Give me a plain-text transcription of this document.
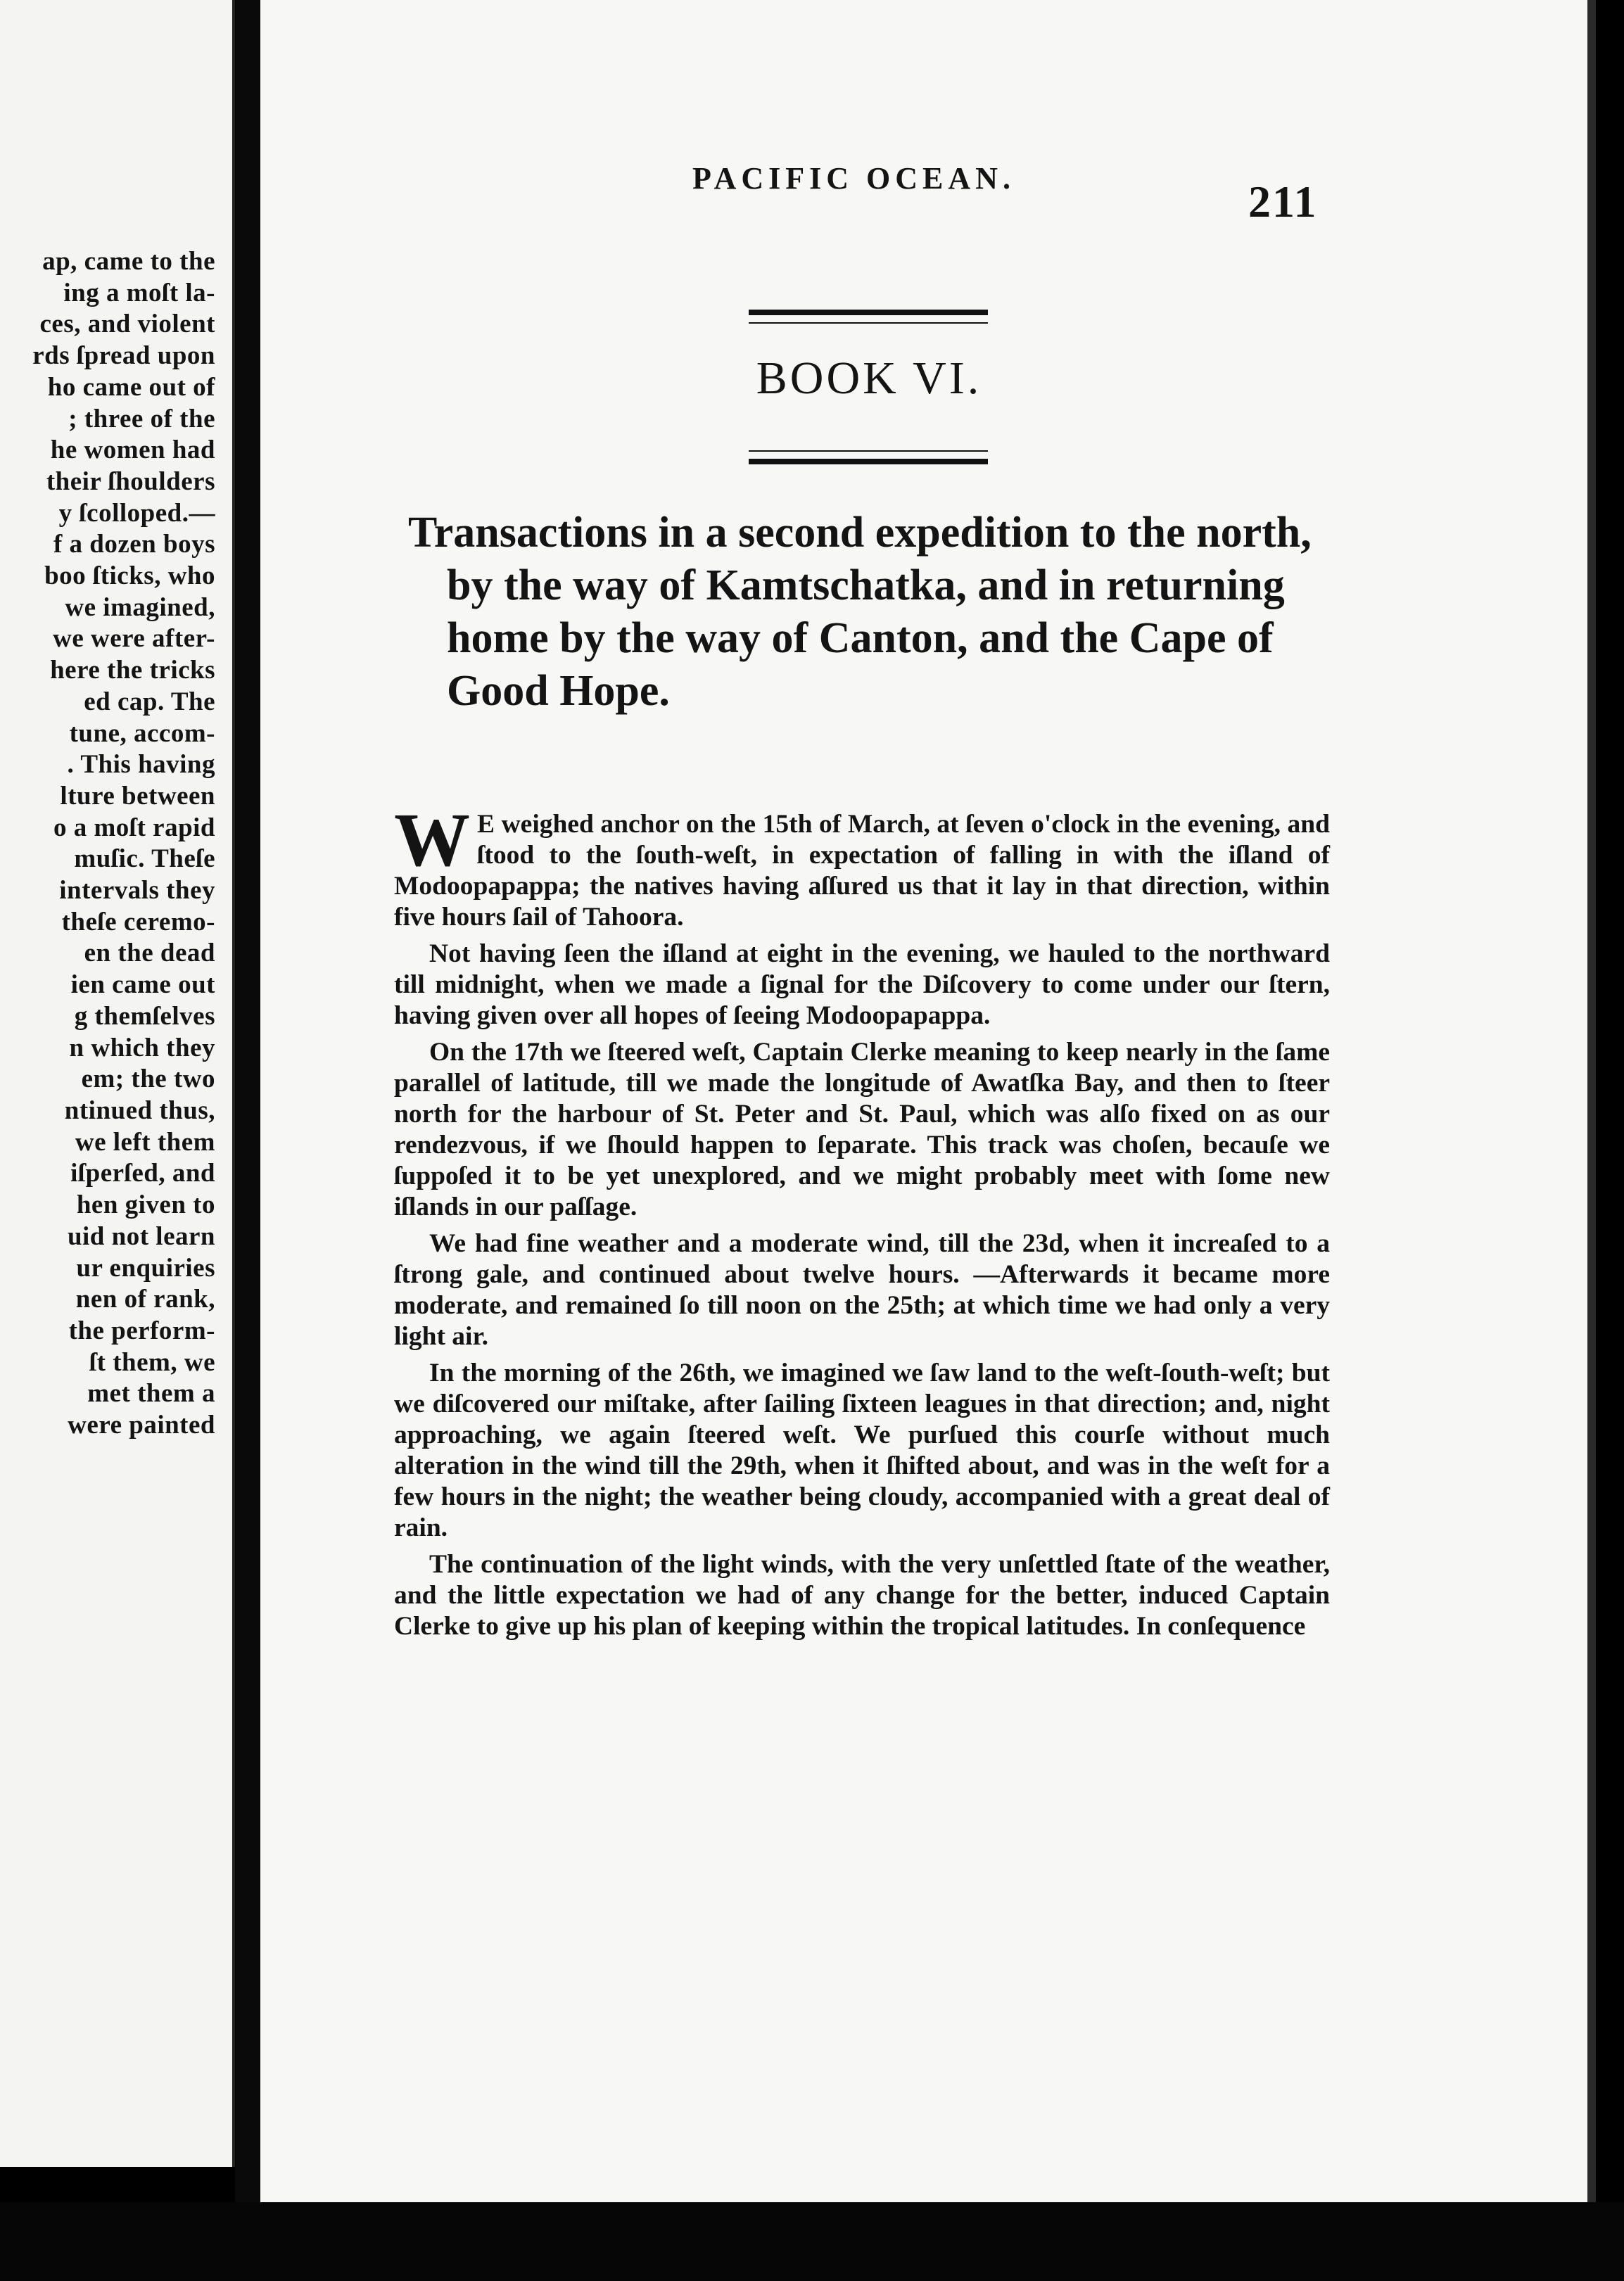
ap, came to the
ing a moſt la-
ces, and violent
rds ſpread upon
ho came out of
; three of the
he women had
their ſhoulders
y ſcolloped.—
f a dozen boys
boo ſticks, who
we imagined,
we were after-
here the tricks
ed cap. The
tune, accom-
. This having
lture between
o a moſt rapid
muſic. Theſe
intervals they
theſe ceremo-
en the dead
ien came out
g themſelves
n which they
em; the two
ntinued thus,
we left them
iſperſed, and
hen given to
uid not learn
ur enquiries
nen of rank,
the perform-
ſt them, we
met them a
were painted
PACIFIC OCEAN.	211
BOOK VI.
Transactions in a second expedition to the north, by the way of Kamtschatka, and in returning home by the way of Canton, and the Cape of Good Hope.

W E weighed anchor on the 15th of March, at ſeven o'clock in the evening, and ſtood to the ſouth-weſt, in expectation of falling in with the iſland of Modoopapappa; the natives having aſſured us that it lay in that direction, within five hours ſail of Tahoora.

Not having ſeen the iſland at eight in the evening, we hauled to the northward till midnight, when we made a ſignal for the Diſcovery to come under our ſtern, having given over all hopes of ſeeing Modoopapappa.

On the 17th we ſteered weſt, Captain Clerke meaning to keep nearly in the ſame parallel of latitude, till we made the longitude of Awatſka Bay, and then to ſteer north for the harbour of St. Peter and St. Paul, which was alſo fixed on as our rendezvous, if we ſhould happen to ſeparate. This track was choſen, becauſe we ſuppoſed it to be yet unexplored, and we might probably meet with ſome new iſlands in our paſſage.

We had fine weather and a moderate wind, till the 23d, when it increaſed to a ſtrong gale, and continued about twelve hours. —Afterwards it became more moderate, and remained ſo till noon on the 25th; at which time we had only a very light air.

In the morning of the 26th, we imagined we ſaw land to the weſt-ſouth-weſt; but we diſcovered our miſtake, after ſailing ſixteen leagues in that direction; and, night approaching, we again ſteered weſt. We purſued this courſe without much alteration in the wind till the 29th, when it ſhifted about, and was in the weſt for a few hours in the night; the weather being cloudy, accompanied with a great deal of rain.

The continuation of the light winds, with the very unſettled ſtate of the weather, and the little expectation we had of any change for the better, induced Captain Clerke to give up his plan of keeping within the tropical latitudes. In conſequence
